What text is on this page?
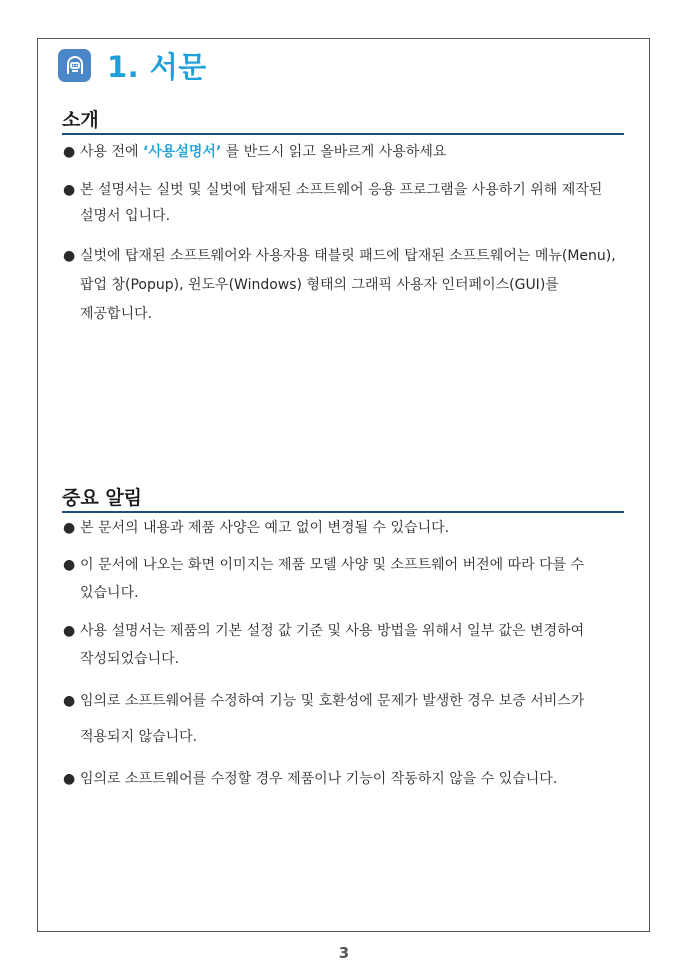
1. 서문
소개
● 사용 전에 ‘사용설명서’ 를 반드시 읽고 올바르게 사용하세요
● 본 설명서는 실벗 및 실벗에 탑재된 소프트웨어 응용 프로그램을 사용하기 위해 제작된 설명서 입니다.
● 실벗에 탑재된 소프트웨어와 사용자용 태블릿 패드에 탑재된 소프트웨어는 메뉴(Menu), 팝업 창(Popup), 윈도우(Windows) 형태의 그래픽 사용자 인터페이스(GUI)를 제공합니다.
중요 알림
● 본 문서의 내용과 제품 사양은 예고 없이 변경될 수 있습니다.
● 이 문서에 나오는 화면 이미지는 제품 모델 사양 및 소프트웨어 버전에 따라 다를 수 있습니다.
● 사용 설명서는 제품의 기본 설정 값 기준 및 사용 방법을 위해서 일부 값은 변경하여 작성되었습니다.
● 임의로 소프트웨어를 수정하여 기능 및 호환성에 문제가 발생한 경우 보증 서비스가 적용되지 않습니다.
● 임의로 소프트웨어를 수정할 경우 제품이나 기능이 작동하지 않을 수 있습니다.
3
